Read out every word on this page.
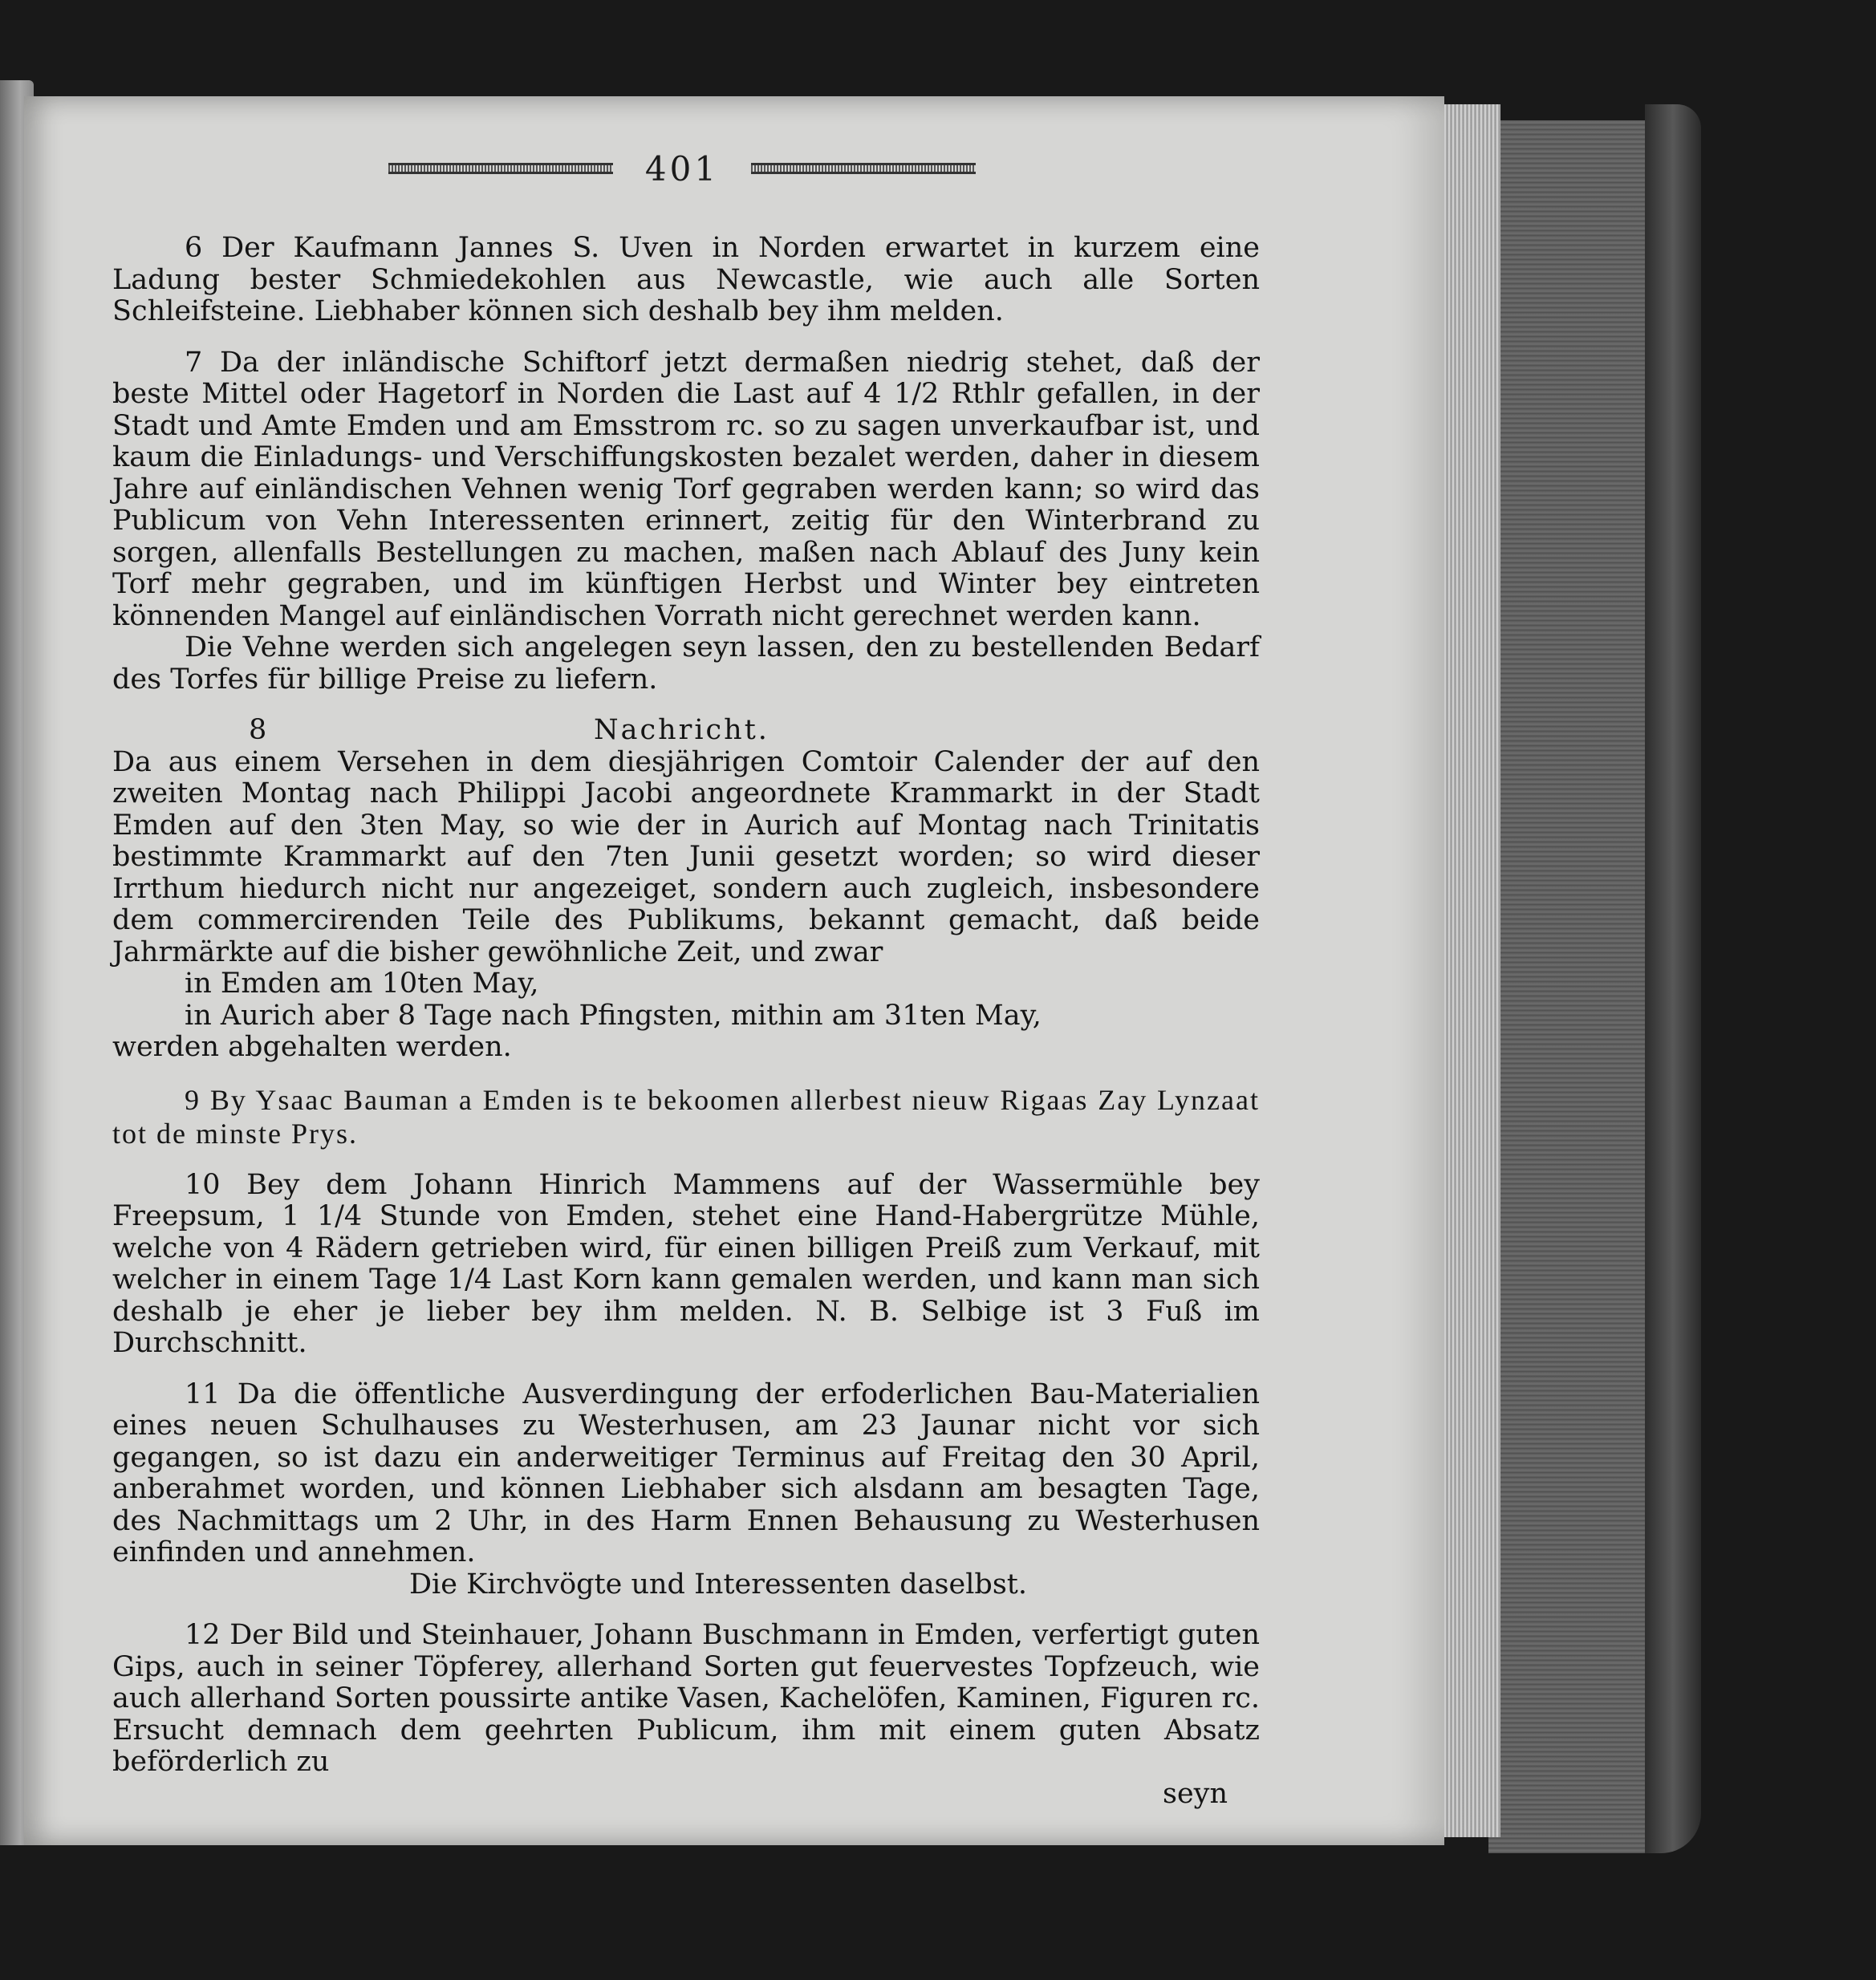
401

6 Der Kaufmann Jannes S. Uven in Norden erwartet in kurzem eine Ladung bester Schmiedekohlen aus Newcastle, wie auch alle Sorten Schleifsteine. Liebhaber können sich deshalb bey ihm melden.

7 Da der inländische Schiftorf jetzt dermaßen niedrig stehet, daß der beste Mittel oder Hagetorf in Norden die Last auf 4 1/2 Rthlr gefallen, in der Stadt und Amte Emden und am Emsstrom rc. so zu sagen unverkaufbar ist, und kaum die Einladungs- und Verschiffungskosten bezalet werden, daher in diesem Jahre auf einländischen Vehnen wenig Torf gegraben werden kann; so wird das Publicum von Vehn Interessenten erinnert, zeitig für den Winterbrand zu sorgen, allenfalls Bestellungen zu machen, maßen nach Ablauf des Juny kein Torf mehr gegraben, und im künftigen Herbst und Winter bey eintreten könnenden Mangel auf einländischen Vorrath nicht gerechnet werden kann.

Die Vehne werden sich angelegen seyn lassen, den zu bestellenden Bedarf des Torfes für billige Preise zu liefern.

8	Nachricht.

Da aus einem Versehen in dem diesjährigen Comtoir Calender der auf den zweiten Montag nach Philippi Jacobi angeordnete Krammarkt in der Stadt Emden auf den 3ten May, so wie der in Aurich auf Montag nach Trinitatis bestimmte Krammarkt auf den 7ten Junii gesetzt worden; so wird dieser Irrthum hiedurch nicht nur angezeiget, sondern auch zugleich, insbesondere dem commercirenden Teile des Publikums, bekannt gemacht, daß beide Jahrmärkte auf die bisher gewöhnliche Zeit, und zwar

in Emden am 10ten May,
in Aurich aber 8 Tage nach Pfingsten, mithin am 31ten May,
werden abgehalten werden.

9 By Ysaac Bauman a Emden is te bekoomen allerbest nieuw Rigaas Zay Lynzaat tot de minste Prys.

10 Bey dem Johann Hinrich Mammens auf der Wassermühle bey Freepsum, 1 1/4 Stunde von Emden, stehet eine Hand-Habergrütze Mühle, welche von 4 Rädern getrieben wird, für einen billigen Preiß zum Verkauf, mit welcher in einem Tage 1/4 Last Korn kann gemalen werden, und kann man sich deshalb je eher je lieber bey ihm melden. N. B. Selbige ist 3 Fuß im Durchschnitt.

11 Da die öffentliche Ausverdingung der erfoderlichen Bau-Materialien eines neuen Schulhauses zu Westerhusen, am 23 Jaunar nicht vor sich gegangen, so ist dazu ein anderweitiger Terminus auf Freitag den 30 April, anberahmet worden, und können Liebhaber sich alsdann am besagten Tage, des Nachmittags um 2 Uhr, in des Harm Ennen Behausung zu Westerhusen einfinden und annehmen.

Die Kirchvögte und Interessenten daselbst.

12 Der Bild und Steinhauer, Johann Buschmann in Emden, verfertigt guten Gips, auch in seiner Töpferey, allerhand Sorten gut feuervestes Topfzeuch, wie auch allerhand Sorten poussirte antike Vasen, Kachelöfen, Kaminen, Figuren rc. Ersucht demnach dem geehrten Publicum, ihm mit einem guten Absatz beförderlich zu

seyn
